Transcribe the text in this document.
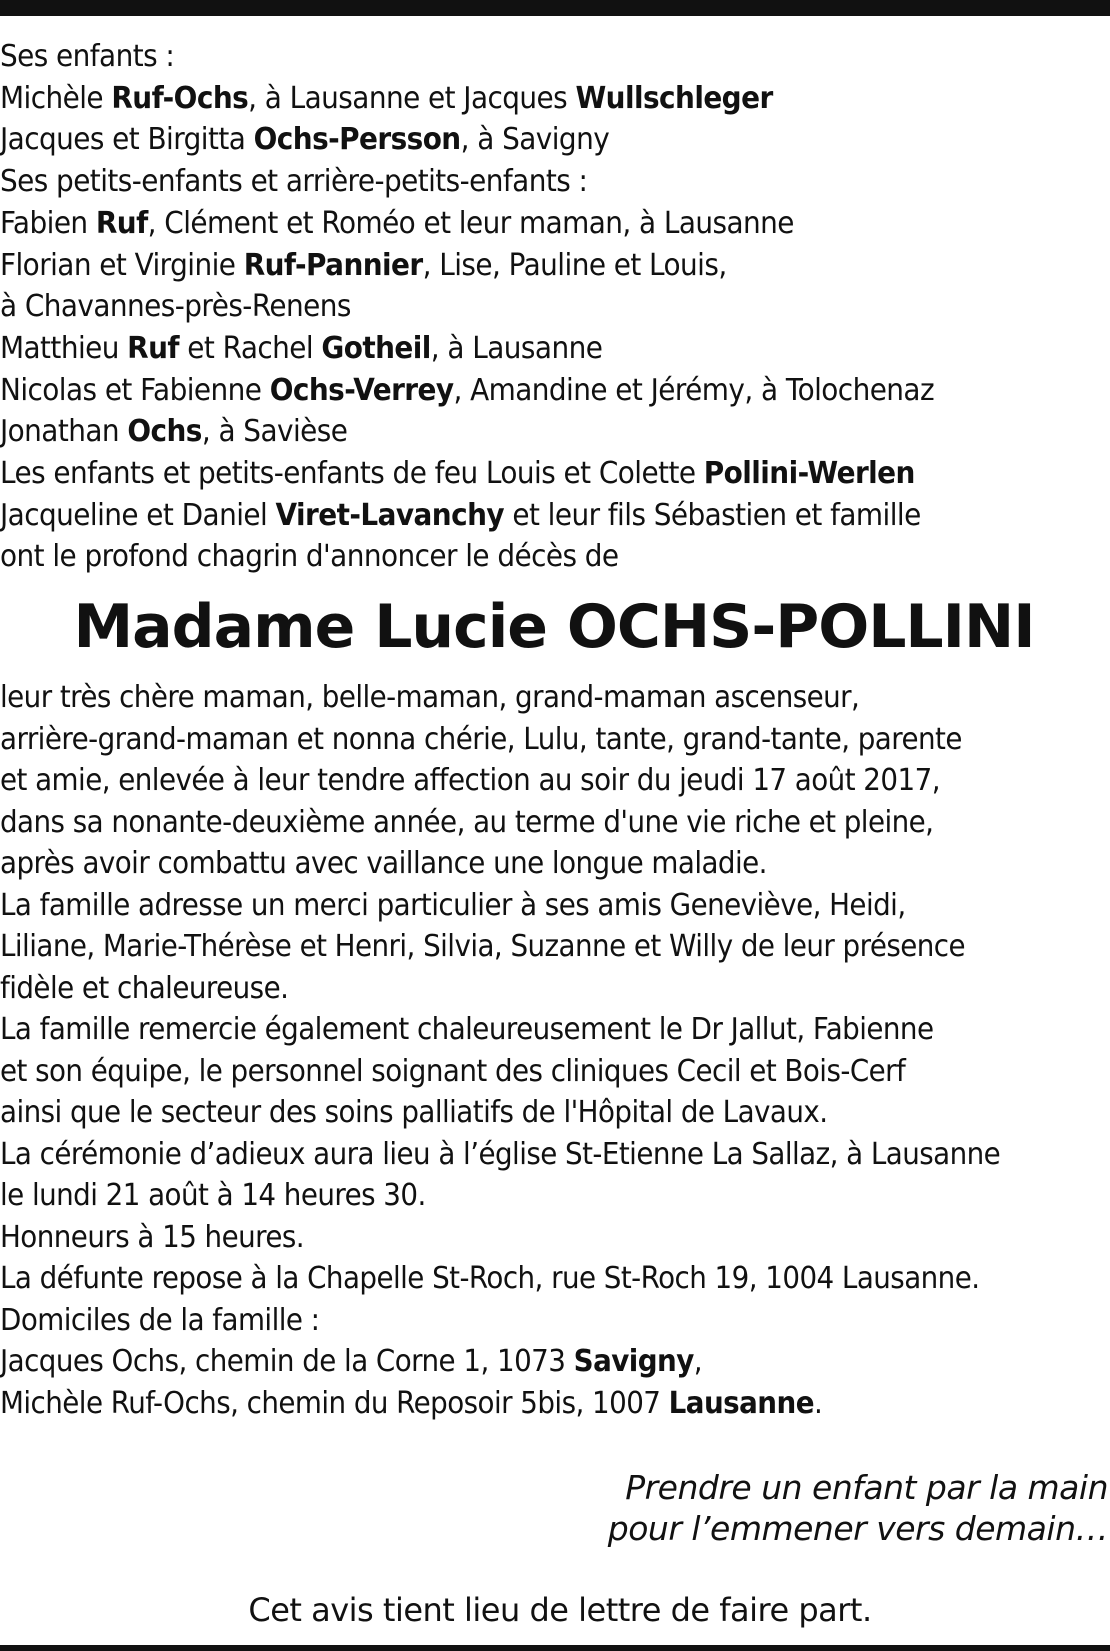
Ses enfants :
Michèle Ruf-Ochs, à Lausanne et Jacques Wullschleger
Jacques et Birgitta Ochs-Persson, à Savigny
Ses petits-enfants et arrière-petits-enfants :
Fabien Ruf, Clément et Roméo et leur maman, à Lausanne
Florian et Virginie Ruf-Pannier, Lise, Pauline et Louis,
à Chavannes-près-Renens
Matthieu Ruf et Rachel Gotheil, à Lausanne
Nicolas et Fabienne Ochs-Verrey, Amandine et Jérémy, à Tolochenaz
Jonathan Ochs, à Savièse
Les enfants et petits-enfants de feu Louis et Colette Pollini-Werlen
Jacqueline et Daniel Viret-Lavanchy et leur fils Sébastien et famille
ont le profond chagrin d'annoncer le décès de
Madame Lucie OCHS-POLLINI
leur très chère maman, belle-maman, grand-maman ascenseur,
arrière-grand-maman et nonna chérie, Lulu, tante, grand-tante, parente
et amie, enlevée à leur tendre affection au soir du jeudi 17 août 2017,
dans sa nonante-deuxième année, au terme d'une vie riche et pleine,
après avoir combattu avec vaillance une longue maladie.
La famille adresse un merci particulier à ses amis Geneviève, Heidi,
Liliane, Marie-Thérèse et Henri, Silvia, Suzanne et Willy de leur présence
fidèle et chaleureuse.
La famille remercie également chaleureusement le Dr Jallut, Fabienne
et son équipe, le personnel soignant des cliniques Cecil et Bois-Cerf
ainsi que le secteur des soins palliatifs de l'Hôpital de Lavaux.
La cérémonie d’adieux aura lieu à l’église St-Etienne La Sallaz, à Lausanne
le lundi 21 août à 14 heures 30.
Honneurs à 15 heures.
La défunte repose à la Chapelle St-Roch, rue St-Roch 19, 1004 Lausanne.
Domiciles de la famille :
Jacques Ochs, chemin de la Corne 1, 1073 Savigny,
Michèle Ruf-Ochs, chemin du Reposoir 5bis, 1007 Lausanne.
Prendre un enfant par la main
pour l’emmener vers demain…
Cet avis tient lieu de lettre de faire part.
